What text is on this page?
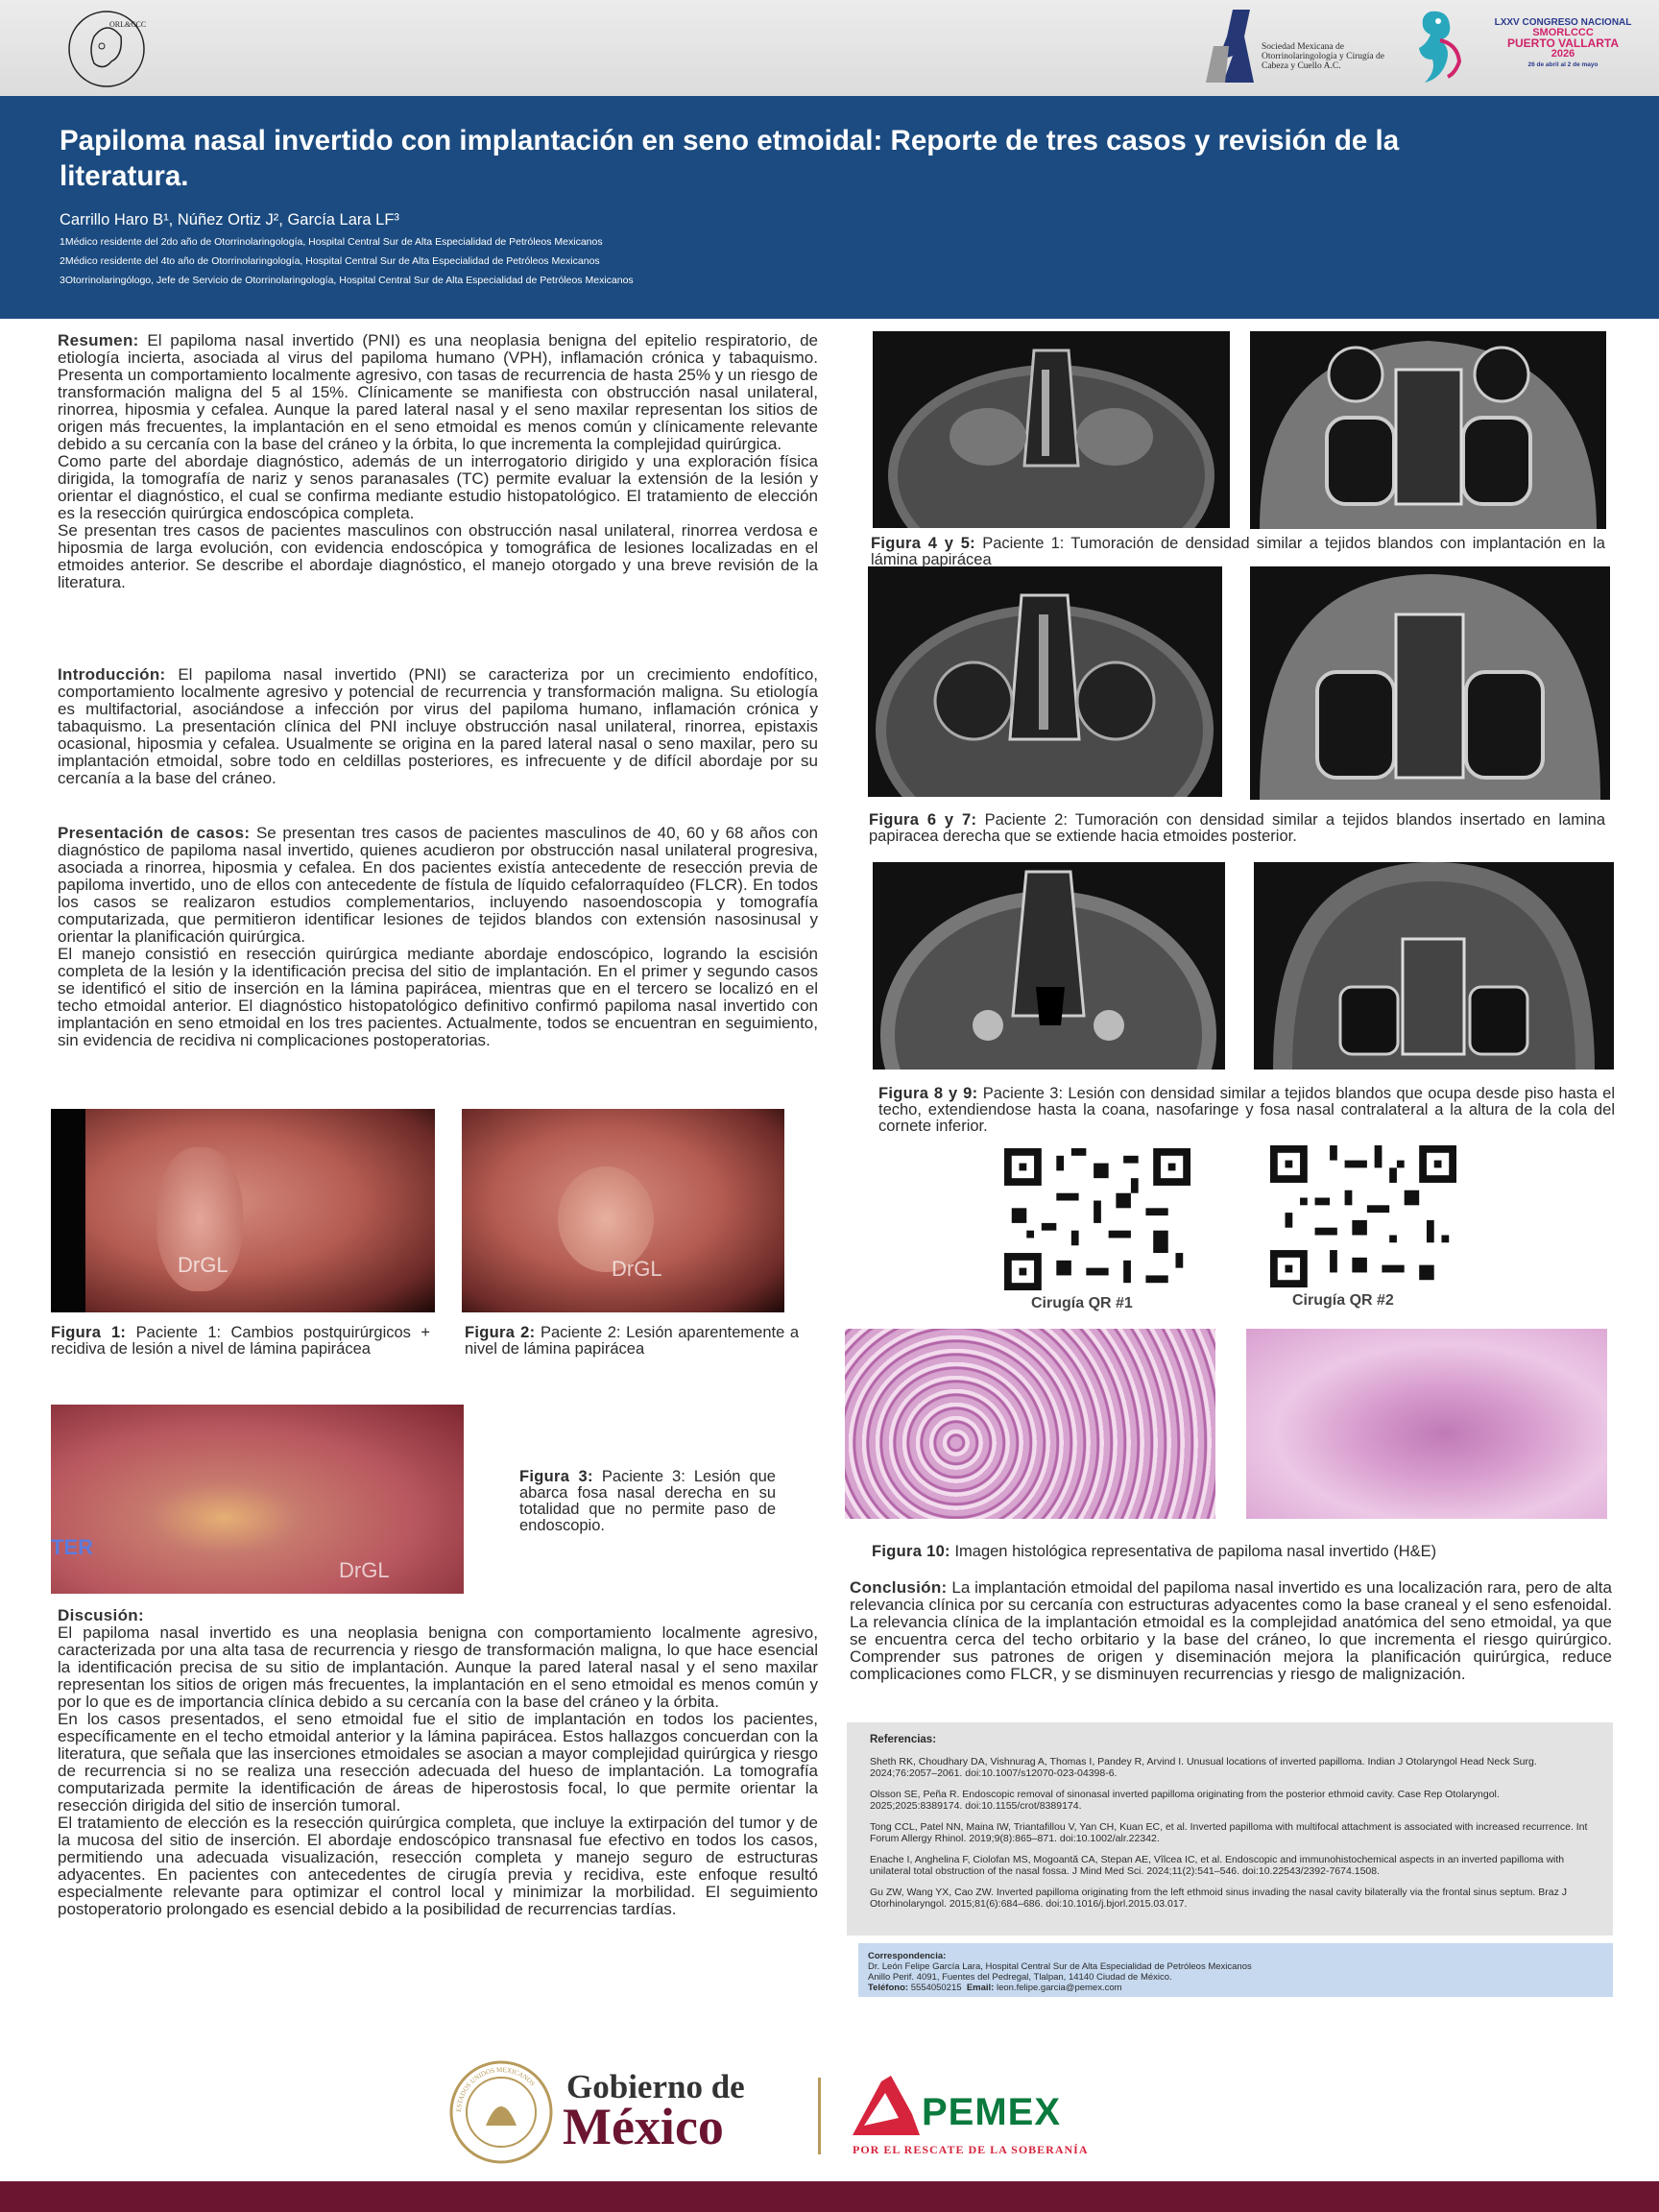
ORL&CCC
Sociedad Mexicana de Otorrinolaringología y Cirugía de Cabeza y Cuello A.C.
LXXV CONGRESO NACIONAL
SMORLCCC
PUERTO VALLARTA
2026
26 de abril al 2 de mayo
Papiloma nasal invertido con implantación en seno etmoidal: Reporte de tres casos y revisión de la literatura.
Carrillo Haro B¹, Núñez Ortiz J², García Lara LF³
1Médico residente del 2do año de Otorrinolaringología, Hospital Central Sur de Alta Especialidad de Petróleos Mexicanos
2Médico residente del 4to año de Otorrinolaringología, Hospital Central Sur de Alta Especialidad de Petróleos Mexicanos
3Otorrinolaringólogo, Jefe de Servicio de Otorrinolaringología, Hospital Central Sur de Alta Especialidad de Petróleos Mexicanos

Resumen: El papiloma nasal invertido (PNI) es una neoplasia benigna del epitelio respiratorio, de etiología incierta, asociada al virus del papiloma humano (VPH), inflamación crónica y tabaquismo. Presenta un comportamiento localmente agresivo, con tasas de recurrencia de hasta 25% y un riesgo de transformación maligna del 5 al 15%. Clínicamente se manifiesta con obstrucción nasal unilateral, rinorrea, hiposmia y cefalea. Aunque la pared lateral nasal y el seno maxilar representan los sitios de origen más frecuentes, la implantación en el seno etmoidal es menos común y clínicamente relevante debido a su cercanía con la base del cráneo y la órbita, lo que incrementa la complejidad quirúrgica.

Como parte del abordaje diagnóstico, además de un interrogatorio dirigido y una exploración física dirigida, la tomografía de nariz y senos paranasales (TC) permite evaluar la extensión de la lesión y orientar el diagnóstico, el cual se confirma mediante estudio histopatológico. El tratamiento de elección es la resección quirúrgica endoscópica completa.

Se presentan tres casos de pacientes masculinos con obstrucción nasal unilateral, rinorrea verdosa e hiposmia de larga evolución, con evidencia endoscópica y tomográfica de lesiones localizadas en el etmoides anterior. Se describe el abordaje diagnóstico, el manejo otorgado y una breve revisión de la literatura.

Introducción: El papiloma nasal invertido (PNI) se caracteriza por un crecimiento endofítico, comportamiento localmente agresivo y potencial de recurrencia y transformación maligna. Su etiología es multifactorial, asociándose a infección por virus del papiloma humano, inflamación crónica y tabaquismo. La presentación clínica del PNI incluye obstrucción nasal unilateral, rinorrea, epistaxis ocasional, hiposmia y cefalea. Usualmente se origina en la pared lateral nasal o seno maxilar, pero su implantación etmoidal, sobre todo en celdillas posteriores, es infrecuente y de difícil abordaje por su cercanía a la base del cráneo.

Presentación de casos: Se presentan tres casos de pacientes masculinos de 40, 60 y 68 años con diagnóstico de papiloma nasal invertido, quienes acudieron por obstrucción nasal unilateral progresiva, asociada a rinorrea, hiposmia y cefalea. En dos pacientes existía antecedente de resección previa de papiloma invertido, uno de ellos con antecedente de fístula de líquido cefalorraquídeo (FLCR). En todos los casos se realizaron estudios complementarios, incluyendo nasoendoscopia y tomografía computarizada, que permitieron identificar lesiones de tejidos blandos con extensión nasosinusal y orientar la planificación quirúrgica.

El manejo consistió en resección quirúrgica mediante abordaje endoscópico, logrando la escisión completa de la lesión y la identificación precisa del sitio de implantación. En el primer y segundo casos se identificó el sitio de inserción en la lámina papirácea, mientras que en el tercero se localizó en el techo etmoidal anterior. El diagnóstico histopatológico definitivo confirmó papiloma nasal invertido con implantación en seno etmoidal en los tres pacientes. Actualmente, todos se encuentran en seguimiento, sin evidencia de recidiva ni complicaciones postoperatorias.

DrGL	DrGL
Figura 1: Paciente 1: Cambios postquirúrgicos + recidiva de lesión a nivel de lámina papirácea
Figura 2: Paciente 2: Lesión aparentemente a nivel de lámina papirácea
TER
DrGL
Figura 3: Paciente 3: Lesión que abarca fosa nasal derecha en su totalidad que no permite paso de endoscopio.
Discusión:

El papiloma nasal invertido es una neoplasia benigna con comportamiento localmente agresivo, caracterizada por una alta tasa de recurrencia y riesgo de transformación maligna, lo que hace esencial la identificación precisa de su sitio de implantación. Aunque la pared lateral nasal y el seno maxilar representan los sitios de origen más frecuentes, la implantación en el seno etmoidal es menos común y por lo que es de importancia clínica debido a su cercanía con la base del cráneo y la órbita.

En los casos presentados, el seno etmoidal fue el sitio de implantación en todos los pacientes, específicamente en el techo etmoidal anterior y la lámina papirácea. Estos hallazgos concuerdan con la literatura, que señala que las inserciones etmoidales se asocian a mayor complejidad quirúrgica y riesgo de recurrencia si no se realiza una resección adecuada del hueso de implantación. La tomografía computarizada permite la identificación de áreas de hiperostosis focal, lo que permite orientar la resección dirigida del sitio de inserción tumoral.

El tratamiento de elección es la resección quirúrgica completa, que incluye la extirpación del tumor y de la mucosa del sitio de inserción. El abordaje endoscópico transnasal fue efectivo en todos los casos, permitiendo una adecuada visualización, resección completa y manejo seguro de estructuras adyacentes. En pacientes con antecedentes de cirugía previa y recidiva, este enfoque resultó especialmente relevante para optimizar el control local y minimizar la morbilidad. El seguimiento postoperatorio prolongado es esencial debido a la posibilidad de recurrencias tardías.

Figura 4 y 5: Paciente 1: Tumoración de densidad similar a tejidos blandos con implantación en la lámina papirácea
Figura 6 y 7: Paciente 2: Tumoración con densidad similar a tejidos blandos insertado en lamina papiracea derecha que se extiende hacia etmoides posterior.
Figura 8 y 9: Paciente 3: Lesión con densidad similar a tejidos blandos que ocupa desde piso hasta el techo, extendiendose hasta la coana, nasofaringe y fosa nasal contralateral a la altura de la cola del cornete inferior.
Cirugía QR #1	Cirugía QR #2
Figura 10: Imagen histológica representativa de papiloma nasal invertido (H&E)
Conclusión: La implantación etmoidal del papiloma nasal invertido es una localización rara, pero de alta relevancia clínica por su cercanía con estructuras adyacentes como la base craneal y el seno esfenoidal. La relevancia clínica de la implantación etmoidal es la complejidad anatómica del seno etmoidal, ya que se encuentra cerca del techo orbitario y la base del cráneo, lo que incrementa el riesgo quirúrgico. Comprender sus patrones de origen y diseminación mejora la planificación quirúrgica, reduce complicaciones como FLCR, y se disminuyen recurrencias y riesgo de malignización.
Referencias:

Sheth RK, Choudhary DA, Vishnurag A, Thomas I, Pandey R, Arvind I. Unusual locations of inverted papilloma. Indian J Otolaryngol Head Neck Surg. 2024;76:2057–2061. doi:10.1007/s12070-023-04398-6.

Olsson SE, Peña R. Endoscopic removal of sinonasal inverted papilloma originating from the posterior ethmoid cavity. Case Rep Otolaryngol. 2025;2025:8389174. doi:10.1155/crot/8389174.

Tong CCL, Patel NN, Maina IW, Triantafillou V, Yan CH, Kuan EC, et al. Inverted papilloma with multifocal attachment is associated with increased recurrence. Int Forum Allergy Rhinol. 2019;9(8):865–871. doi:10.1002/alr.22342.

Enache I, Anghelina F, Ciolofan MS, Mogoantă CA, Stepan AE, Vîlcea IC, et al. Endoscopic and immunohistochemical aspects in an inverted papilloma with unilateral total obstruction of the nasal fossa. J Mind Med Sci. 2024;11(2):541–546. doi:10.22543/2392-7674.1508.

Gu ZW, Wang YX, Cao ZW. Inverted papilloma originating from the left ethmoid sinus invading the nasal cavity bilaterally via the frontal sinus septum. Braz J Otorhinolaryngol. 2015;81(6):684–686. doi:10.1016/j.bjorl.2015.03.017.

Correspondencia:
Dr. León Felipe García Lara, Hospital Central Sur de Alta Especialidad de Petróleos Mexicanos
Anillo Perif. 4091, Fuentes del Pedregal, Tlalpan, 14140 Ciudad de México.
Teléfono: 5554050215 Email: leon.felipe.garcia@pemex.com
ESTADOS UNIDOS MEXICANOS Gobierno de
México	PEMEX
POR EL RESCATE DE LA SOBERANÍA
